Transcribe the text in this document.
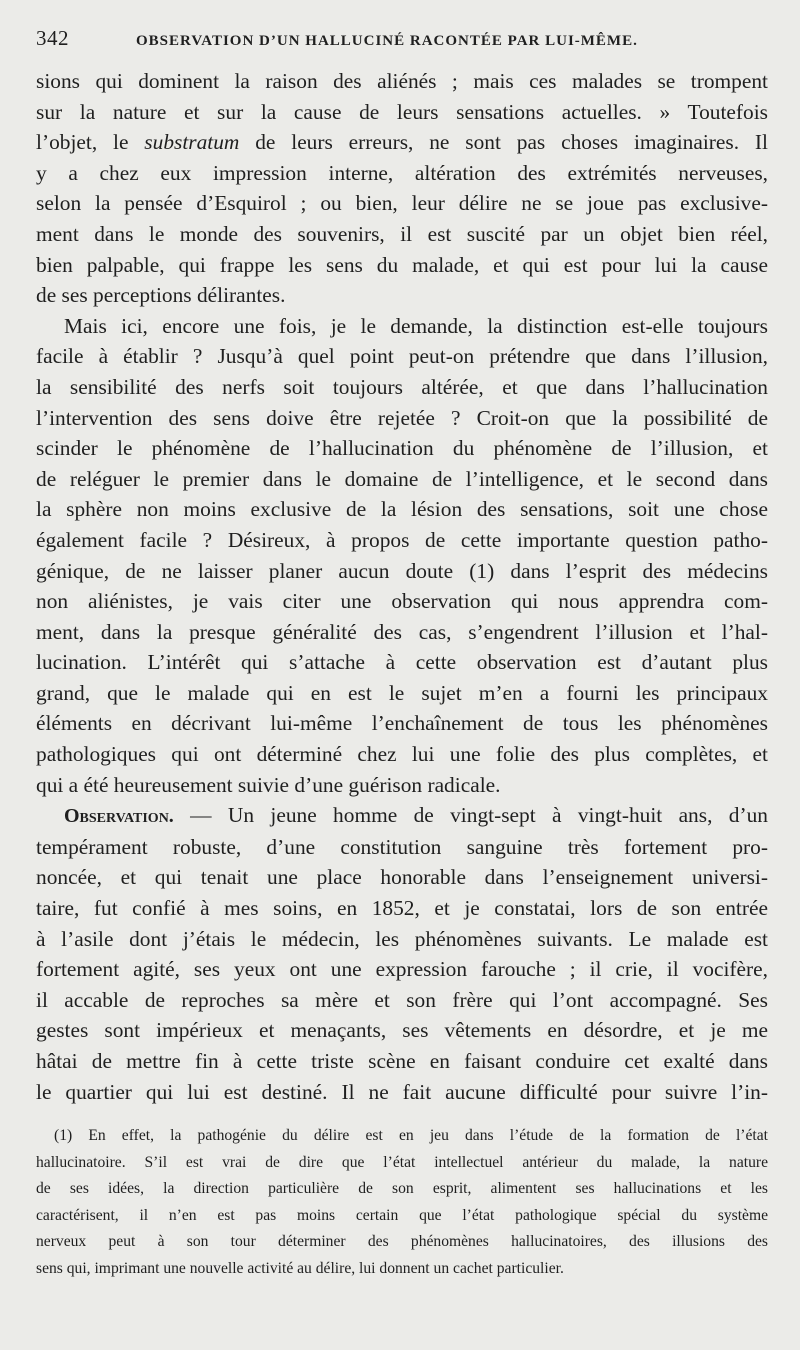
342	OBSERVATION D’UN HALLUCINÉ RACONTÉE PAR LUI-MÊME.
sions qui dominent la raison des aliénés ; mais ces malades se trompent
sur la nature et sur la cause de leurs sensations actuelles. » Toutefois
l’objet, le substratum de leurs erreurs, ne sont pas choses imaginaires. Il
y a chez eux impression interne, altération des extrémités nerveuses,
selon la pensée d’Esquirol ; ou bien, leur délire ne se joue pas exclusive-
ment dans le monde des souvenirs, il est suscité par un objet bien réel,
bien palpable, qui frappe les sens du malade, et qui est pour lui la cause
de ses perceptions délirantes.
Mais ici, encore une fois, je le demande, la distinction est-elle toujours
facile à établir ? Jusqu’à quel point peut-on prétendre que dans l’illusion,
la sensibilité des nerfs soit toujours altérée, et que dans l’hallucination
l’intervention des sens doive être rejetée ? Croit-on que la possibilité de
scinder le phénomène de l’hallucination du phénomène de l’illusion, et
de reléguer le premier dans le domaine de l’intelligence, et le second dans
la sphère non moins exclusive de la lésion des sensations, soit une chose
également facile ? Désireux, à propos de cette importante question patho-
génique, de ne laisser planer aucun doute (1) dans l’esprit des médecins
non aliénistes, je vais citer une observation qui nous apprendra com-
ment, dans la presque généralité des cas, s’engendrent l’illusion et l’hal-
lucination. L’intérêt qui s’attache à cette observation est d’autant plus
grand, que le malade qui en est le sujet m’en a fourni les principaux
éléments en décrivant lui-même l’enchaînement de tous les phénomènes
pathologiques qui ont déterminé chez lui une folie des plus complètes, et
qui a été heureusement suivie d’une guérison radicale.
Observation. — Un jeune homme de vingt-sept à vingt-huit ans, d’un
tempérament robuste, d’une constitution sanguine très fortement pro-
noncée, et qui tenait une place honorable dans l’enseignement universi-
taire, fut confié à mes soins, en 1852, et je constatai, lors de son entrée
à l’asile dont j’étais le médecin, les phénomènes suivants. Le malade est
fortement agité, ses yeux ont une expression farouche ; il crie, il vocifère,
il accable de reproches sa mère et son frère qui l’ont accompagné. Ses
gestes sont impérieux et menaçants, ses vêtements en désordre, et je me
hâtai de mettre fin à cette triste scène en faisant conduire cet exalté dans
le quartier qui lui est destiné. Il ne fait aucune difficulté pour suivre l’in-
(1) En effet, la pathogénie du délire est en jeu dans l’étude de la formation de l’état
hallucinatoire. S’il est vrai de dire que l’état intellectuel antérieur du malade, la nature
de ses idées, la direction particulière de son esprit, alimentent ses hallucinations et les
caractérisent, il n’en est pas moins certain que l’état pathologique spécial du système
nerveux peut à son tour déterminer des phénomènes hallucinatoires, des illusions des
sens qui, imprimant une nouvelle activité au délire, lui donnent un cachet particulier.
